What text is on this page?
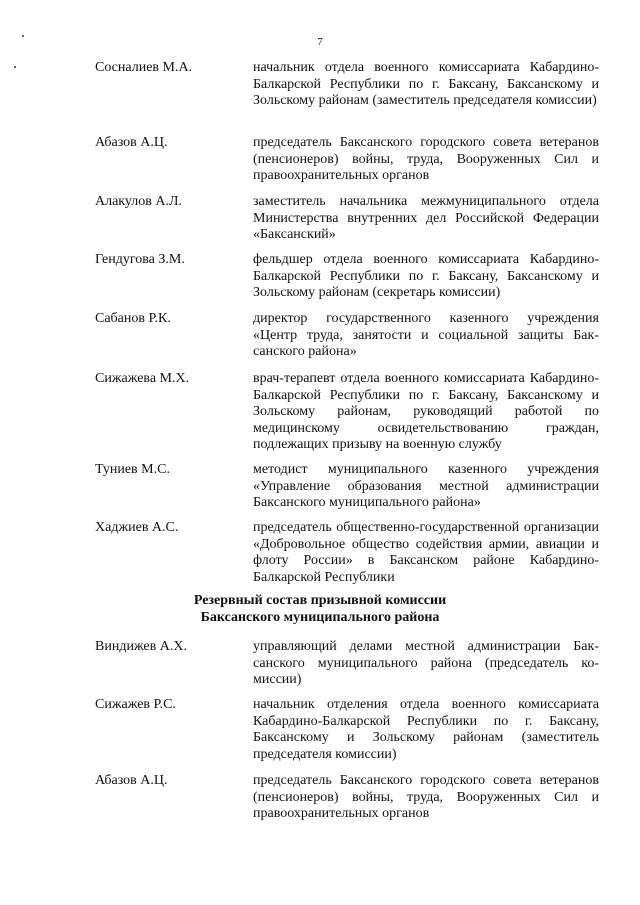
7
Сосналиев М.А.	начальник отдела военного комиссариата Кабардино-Балкарской Республики по г. Баксану, Баксанскому и Зольскому районам (заместитель председателя комиссии)
Абазов А.Ц.	председатель Баксанского городского совета ветеранов (пенсионеров) войны, труда, Вооруженных Сил и правоохранительных органов
Алакулов А.Л.	заместитель начальника межмуниципального отдела Министерства внутренних дел Российской Федерации «Баксанский»
Гендугова З.М.	фельдшер отдела военного комиссариата Кабардино-Балкарской Республики по г. Баксану, Баксанскому и Зольскому районам (секретарь комиссии)
Сабанов Р.К.	директор государственного казенного учреждения «Центр труда, занятости и социальной защиты Баксанского района»
Сижажева М.Х.	врач-терапевт отдела военного комиссариата Кабардино-Балкарской Республики по г. Баксану, Баксанскому и Зольскому районам, руководящий работой по медицинскому освидетельствованию граждан, подлежащих призыву на военную службу
Туниев М.С.	методист муниципального казенного учреждения «Управление образования местной администрации Баксанского муниципального района»
Хаджиев А.С.	председатель общественно-государственной организации «Добровольное общество содействия армии, авиации и флоту России» в Баксанском районе Кабардино-Балкарской Республики
Резервный состав призывной комиссии
Баксанского муниципального района
Виндижев А.Х.	управляющий делами местной администрации Баксанского муниципального района (председатель комиссии)
Сижажев Р.С.	начальник отделения отдела военного комиссариата Кабардино-Балкарской Республики по г. Баксану, Баксанскому и Зольскому районам (заместитель председателя комиссии)
Абазов А.Ц.	председатель Баксанского городского совета ветеранов (пенсионеров) войны, труда, Вооруженных Сил и правоохранительных органов
